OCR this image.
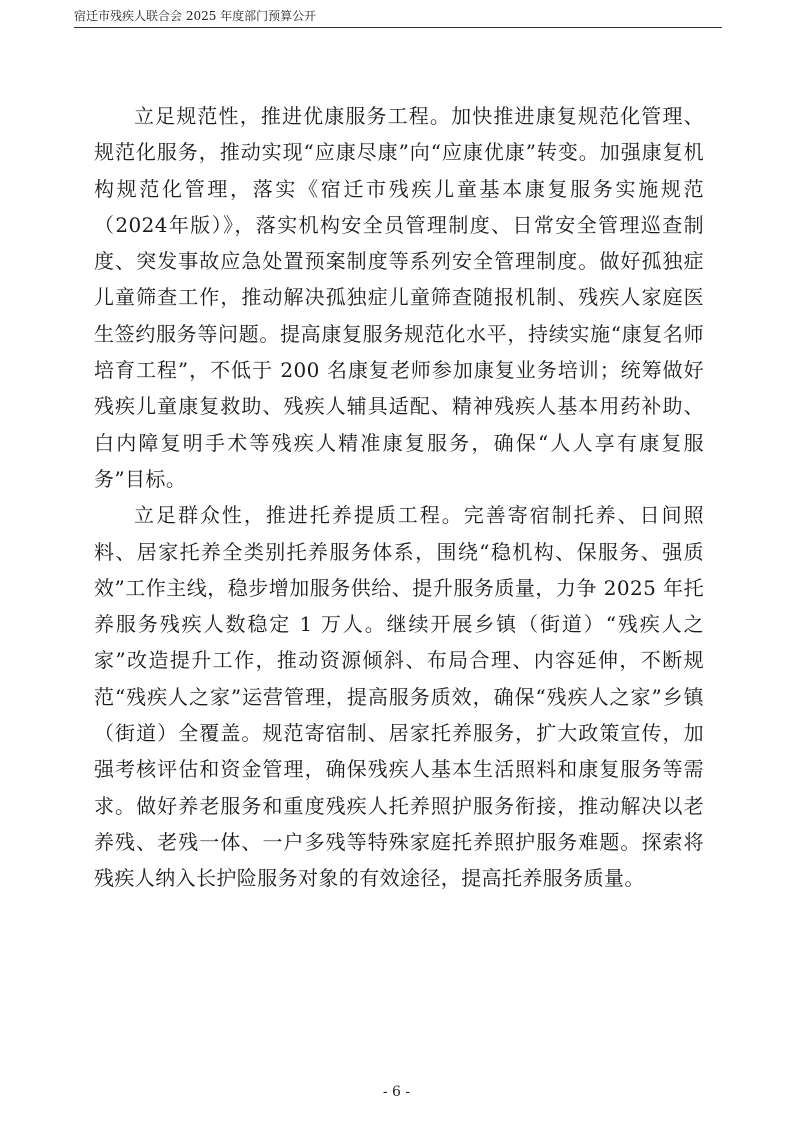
宿迁市残疾人联合会 2025 年度部门预算公开

立足规范性，推进优康服务工程。加快推进康复规范化管理、规范化服务，推动实现“应康尽康”向“应康优康”转变。加强康复机构规范化管理，落实《宿迁市残疾儿童基本康复服务实施规范（2024年版）》，落实机构安全员管理制度、日常安全管理巡查制度、突发事故应急处置预案制度等系列安全管理制度。做好孤独症儿童筛查工作，推动解决孤独症儿童筛查随报机制、残疾人家庭医生签约服务等问题。提高康复服务规范化水平，持续实施“康复名师培育工程”，不低于 200 名康复老师参加康复业务培训；统筹做好残疾儿童康复救助、残疾人辅具适配、精神残疾人基本用药补助、白内障复明手术等残疾人精准康复服务，确保“人人享有康复服务”目标。

立足群众性，推进托养提质工程。完善寄宿制托养、日间照料、居家托养全类别托养服务体系，围绕“稳机构、保服务、强质效”工作主线，稳步增加服务供给、提升服务质量，力争 2025 年托养服务残疾人数稳定 1 万人。继续开展乡镇（街道）“残疾人之家”改造提升工作，推动资源倾斜、布局合理、内容延伸，不断规范“残疾人之家”运营管理，提高服务质效，确保“残疾人之家”乡镇（街道）全覆盖。规范寄宿制、居家托养服务，扩大政策宣传，加强考核评估和资金管理，确保残疾人基本生活照料和康复服务等需求。做好养老服务和重度残疾人托养照护服务衔接，推动解决以老养残、老残一体、一户多残等特殊家庭托养照护服务难题。探索将残疾人纳入长护险服务对象的有效途径，提高托养服务质量。

- 6 -
